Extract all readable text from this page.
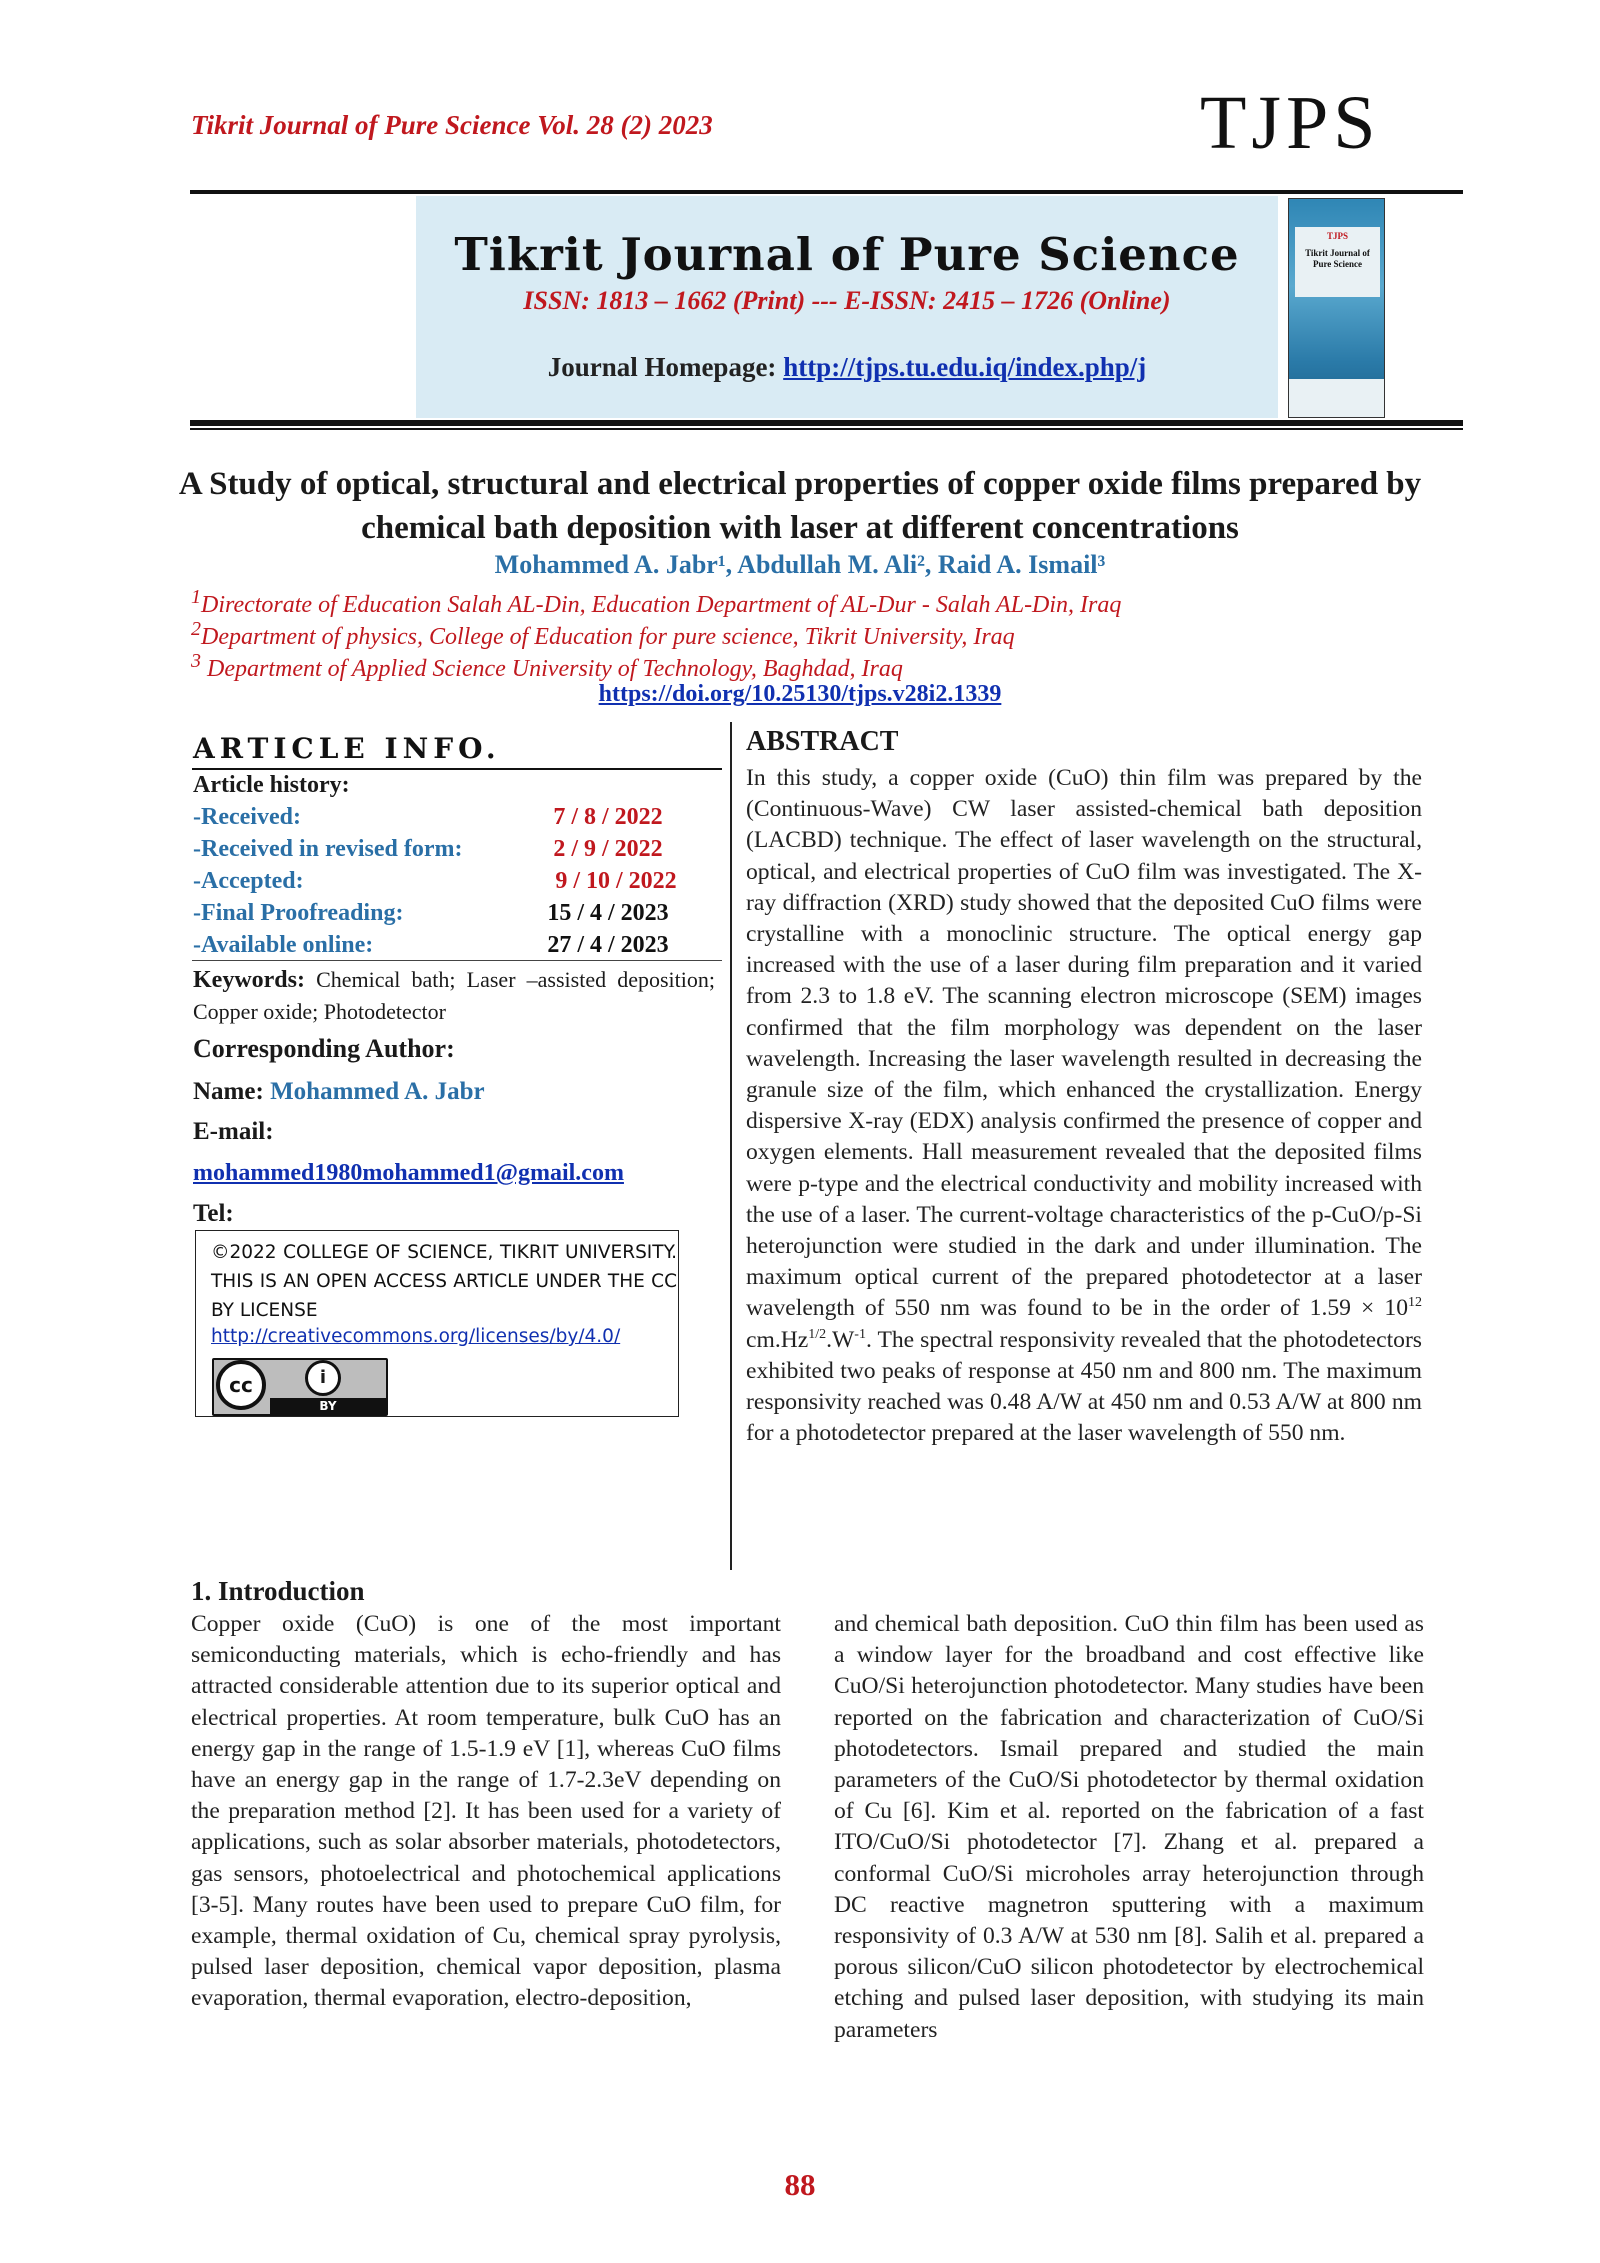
Tikrit Journal of Pure Science Vol. 28 (2) 2023	TJPS
Tikrit Journal of Pure Science
ISSN: 1813 – 1662 (Print) --- E-ISSN: 2415 – 1726 (Online)
Journal Homepage: http://tjps.tu.edu.iq/index.php/j
TJPS
Tikrit Journal of Pure Science
A Study of optical, structural and electrical properties of copper oxide films prepared by chemical bath deposition with laser at different concentrations
Mohammed A. Jabr¹, Abdullah M. Ali², Raid A. Ismail³
$^1$Directorate of Education Salah AL-Din, Education Department of AL-Dur - Salah AL-Din, Iraq
$^2$Department of physics, College of Education for pure science, Tikrit University, Iraq
$^3$ Department of Applied Science University of Technology, Baghdad, Iraq
https://doi.org/10.25130/tjps.v28i2.1339
ARTICLE INFO.
Article history:
-Received:	7 / 8 / 2022
-Received in revised form:	2 / 9 / 2022
-Accepted:	9 / 10 / 2022
-Final Proofreading:	15 / 4 / 2023
-Available online:	27 / 4 / 2023
Keywords: Chemical bath; Laser –assisted deposition; Copper oxide; Photodetector
Corresponding Author:
Name: Mohammed A. Jabr
E-mail:
mohammed1980mohammed1@gmail.com
Tel:
©2022 COLLEGE OF SCIENCE, TIKRIT UNIVERSITY. THIS IS AN OPEN ACCESS ARTICLE UNDER THE CC BY LICENSE
http://creativecommons.org/licenses/by/4.0/
cc	i
BY
ABSTRACT
In this study, a copper oxide (CuO) thin film was prepared by the (Continuous-Wave) CW laser assisted-chemical bath deposition (LACBD) technique. The effect of laser wavelength on the structural, optical, and electrical properties of CuO film was investigated. The X-ray diffraction (XRD) study showed that the deposited CuO films were crystalline with a monoclinic structure. The optical energy gap increased with the use of a laser during film preparation and it varied from 2.3 to 1.8 eV. The scanning electron microscope (SEM) images confirmed that the film morphology was dependent on the laser wavelength. Increasing the laser wavelength resulted in decreasing the granule size of the film, which enhanced the crystallization. Energy dispersive X-ray (EDX) analysis confirmed the presence of copper and oxygen elements. Hall measurement revealed that the deposited films were p-type and the electrical conductivity and mobility increased with the use of a laser. The current-voltage characteristics of the p-CuO/p-Si heterojunction were studied in the dark and under illumination. The maximum optical current of the prepared photodetector at a laser wavelength of 550 nm was found to be in the order of $1.59 \times 10^{12}$ $cm.Hz^{1/2}.W^{-1}$. The spectral responsivity revealed that the photodetectors exhibited two peaks of response at 450 nm and 800 nm. The maximum responsivity reached was 0.48 A/W at 450 nm and 0.53 A/W at 800 nm for a photodetector prepared at the laser wavelength of 550 nm.
1. Introduction
Copper oxide (CuO) is one of the most important semiconducting materials, which is echo-friendly and has attracted considerable attention due to its superior optical and electrical properties. At room temperature, bulk CuO has an energy gap in the range of 1.5-1.9 eV [1], whereas CuO films have an energy gap in the range of 1.7-2.3eV depending on the preparation method [2]. It has been used for a variety of applications, such as solar absorber materials, photodetectors, gas sensors, photoelectrical and photochemical applications [3-5]. Many routes have been used to prepare CuO film, for example, thermal oxidation of Cu, chemical spray pyrolysis, pulsed laser deposition, chemical vapor deposition, plasma evaporation, thermal evaporation, electro-deposition,
and chemical bath deposition. CuO thin film has been used as a window layer for the broadband and cost effective like CuO/Si heterojunction photodetector. Many studies have been reported on the fabrication and characterization of CuO/Si photodetectors. Ismail prepared and studied the main parameters of the CuO/Si photodetector by thermal oxidation of Cu [6]. Kim et al. reported on the fabrication of a fast ITO/CuO/Si photodetector [7]. Zhang et al. prepared a conformal CuO/Si microholes array heterojunction through DC reactive magnetron sputtering with a maximum responsivity of 0.3 A/W at 530 nm [8]. Salih et al. prepared a porous silicon/CuO silicon photodetector by electrochemical etching and pulsed laser deposition, with studying its main parameters
88
